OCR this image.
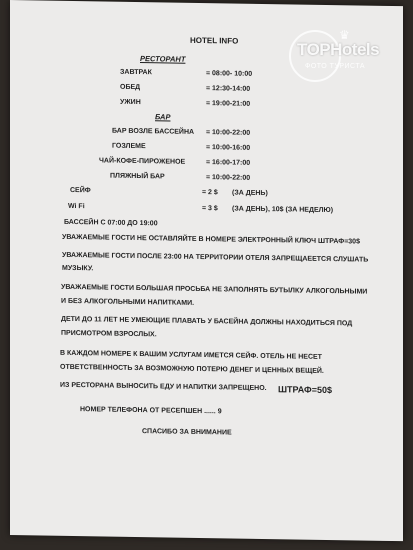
HOTEL INFO
РЕСТОРАНТ
ЗАВТРАК	= 08:00- 10:00
ОБЕД	= 12:30-14:00
УЖИН	= 19:00-21:00
БАР
БАР ВОЗЛЕ БАССЕЙНА = 10:00-22:00
ГОЗЛЕМЕ	= 10:00-16:00
ЧАЙ-КОФЕ-ПИРОЖЕНОЕ	= 16:00-17:00
ПЛЯЖНЫЙ БАР	= 10:00-22:00
СЕЙФ	= 2 $ (ЗА ДЕНЬ)
Wi Fi	= 3 $ (ЗА ДЕНЬ) , 10$ (ЗА НЕДЕЛЮ)
БАССЕЙН С 07:00 ДО 19:00
УВАЖАЕМЫЕ ГОСТИ НЕ ОСТАВЛЯЙТЕ В НОМЕРЕ ЭЛЕКТРОННЫЙ КЛЮЧ ШТРАФ=30$
УВАЖАЕМЫЕ ГОСТИ ПОСЛЕ 23:00 НА ТЕРРИТОРИИ ОТЕЛЯ ЗАПРЕЩАЕЕТСЯ СЛУШАТЬ
МУЗЫКУ.
УВАЖАЕМЫЕ ГОСТИ БОЛЬШАЯ ПРОСЬБА НЕ ЗАПОЛНЯТЬ БУТЫЛКУ АЛКОГОЛЬНЫМИ
И БЕЗ АЛКОГОЛЬНЫМИ НАПИТКАМИ.
ДЕТИ ДО 11 ЛЕТ НЕ УМЕЮЩИЕ ПЛАВАТЬ У БАСЕЙНА ДОЛЖНЫ НАХОДИТЬСЯ ПОД
ПРИСМОТРОМ ВЗРОСЛЫХ.
В КАЖДОМ НОМЕРЕ К ВАШИМ УСЛУГАМ ИМЕТСЯ СЕЙФ. ОТЕЛЬ НЕ НЕСЕТ
ОТВЕТСТВЕННОСТЬ ЗА ВОЗМОЖНУЮ ПОТЕРЮ ДЕНЕГ И ЦЕННЫХ ВЕЩЕЙ.
ИЗ РЕСТОРАНА ВЫНОСИТЬ ЕДУ И НАПИТКИ ЗАПРЕЩЕНО. ШТРАФ=50$
НОМЕР ТЕЛЕФОНА ОТ РЕСЕПШЕН ...... 9
СПАСИБО ЗА ВНИМАНИЕ
♛
TOPHotels
ФОТО ТУРИСТА
